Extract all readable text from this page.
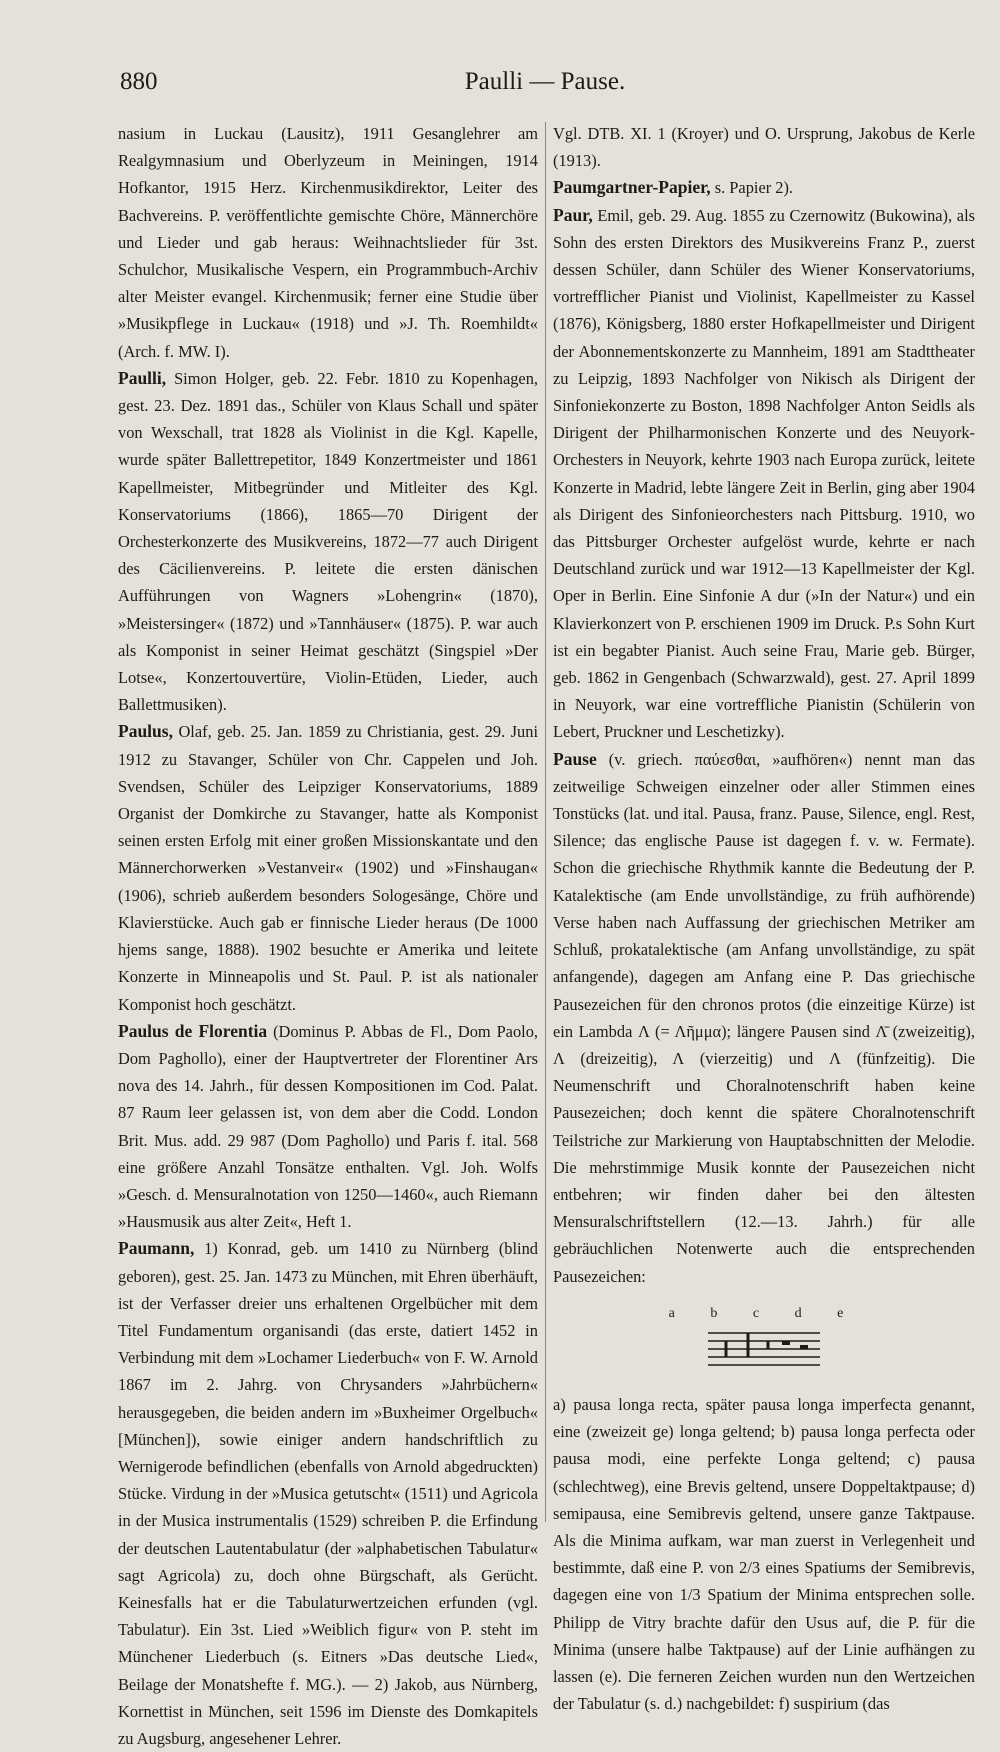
880	Paulli — Pause.

nasium in Luckau (Lausitz), 1911 Gesanglehrer am Realgymnasium und Oberlyzeum in Meiningen, 1914 Hofkantor, 1915 Herz. Kirchenmusikdirektor, Leiter des Bachvereins. P. veröffentlichte gemischte Chöre, Männerchöre und Lieder und gab heraus: Weihnachtslieder für 3st. Schulchor, Musikalische Vespern, ein Programmbuch-Archiv alter Meister evangel. Kirchenmusik; ferner eine Studie über »Musikpflege in Luckau« (1918) und »J. Th. Roemhildt« (Arch. f. MW. I).

Paulli, Simon Holger, geb. 22. Febr. 1810 zu Kopenhagen, gest. 23. Dez. 1891 das., Schüler von Klaus Schall und später von Wexschall, trat 1828 als Violinist in die Kgl. Kapelle, wurde später Ballettrepetitor, 1849 Konzertmeister und 1861 Kapellmeister, Mitbegründer und Mitleiter des Kgl. Konservatoriums (1866), 1865—70 Dirigent der Orchesterkonzerte des Musikvereins, 1872—77 auch Dirigent des Cäcilienvereins. P. leitete die ersten dänischen Aufführungen von Wagners »Lohengrin« (1870), »Meistersinger« (1872) und »Tannhäuser« (1875). P. war auch als Komponist in seiner Heimat geschätzt (Singspiel »Der Lotse«, Konzertouvertüre, Violin-Etüden, Lieder, auch Ballettmusiken).

Paulus, Olaf, geb. 25. Jan. 1859 zu Christiania, gest. 29. Juni 1912 zu Stavanger, Schüler von Chr. Cappelen und Joh. Svendsen, Schüler des Leipziger Konservatoriums, 1889 Organist der Domkirche zu Stavanger, hatte als Komponist seinen ersten Erfolg mit einer großen Missionskantate und den Männerchorwerken »Vestanveir« (1902) und »Finshaugan« (1906), schrieb außerdem besonders Sologesänge, Chöre und Klavierstücke. Auch gab er finnische Lieder heraus (De 1000 hjems sange, 1888). 1902 besuchte er Amerika und leitete Konzerte in Minneapolis und St. Paul. P. ist als nationaler Komponist hoch geschätzt.

Paulus de Florentia (Dominus P. Abbas de Fl., Dom Paolo, Dom Paghollo), einer der Hauptvertreter der Florentiner Ars nova des 14. Jahrh., für dessen Kompositionen im Cod. Palat. 87 Raum leer gelassen ist, von dem aber die Codd. London Brit. Mus. add. 29 987 (Dom Paghollo) und Paris f. ital. 568 eine größere Anzahl Tonsätze enthalten. Vgl. Joh. Wolfs »Gesch. d. Mensuralnotation von 1250—1460«, auch Riemann »Hausmusik aus alter Zeit«, Heft 1.

Paumann, 1) Konrad, geb. um 1410 zu Nürnberg (blind geboren), gest. 25. Jan. 1473 zu München, mit Ehren überhäuft, ist der Verfasser dreier uns erhaltenen Orgelbücher mit dem Titel Fundamentum organisandi (das erste, datiert 1452 in Verbindung mit dem »Lochamer Liederbuch« von F. W. Arnold 1867 im 2. Jahrg. von Chrysanders »Jahrbüchern« herausgegeben, die beiden andern im »Buxheimer Orgelbuch« [München]), sowie einiger andern handschriftlich zu Wernigerode befindlichen (ebenfalls von Arnold abgedruckten) Stücke. Virdung in der »Musica getutscht« (1511) und Agricola in der Musica instrumentalis (1529) schreiben P. die Erfindung der deutschen Lautentabulatur (der »alphabetischen Tabulatur« sagt Agricola) zu, doch ohne Bürgschaft, als Gerücht. Keinesfalls hat er die Tabulaturwertzeichen erfunden (vgl. Tabulatur). Ein 3st. Lied »Weiblich figur« von P. steht im Münchener Liederbuch (s. Eitners »Das deutsche Lied«, Beilage der Monatshefte f. MG.). — 2) Jakob, aus Nürnberg, Kornettist in München, seit 1596 im Dienste des Domkapitels zu Augsburg, angesehener Lehrer.

Vgl. DTB. XI. 1 (Kroyer) und O. Ursprung, Jakobus de Kerle (1913).

Paumgartner-Papier, s. Papier 2).

Paur, Emil, geb. 29. Aug. 1855 zu Czernowitz (Bukowina), als Sohn des ersten Direktors des Musikvereins Franz P., zuerst dessen Schüler, dann Schüler des Wiener Konservatoriums, vortrefflicher Pianist und Violinist, Kapellmeister zu Kassel (1876), Königsberg, 1880 erster Hofkapellmeister und Dirigent der Abonnementskonzerte zu Mannheim, 1891 am Stadttheater zu Leipzig, 1893 Nachfolger von Nikisch als Dirigent der Sinfoniekonzerte zu Boston, 1898 Nachfolger Anton Seidls als Dirigent der Philharmonischen Konzerte und des Neuyork-Orchesters in Neuyork, kehrte 1903 nach Europa zurück, leitete Konzerte in Madrid, lebte längere Zeit in Berlin, ging aber 1904 als Dirigent des Sinfonieorchesters nach Pittsburg. 1910, wo das Pittsburger Orchester aufgelöst wurde, kehrte er nach Deutschland zurück und war 1912—13 Kapellmeister der Kgl. Oper in Berlin. Eine Sinfonie A dur (»In der Natur«) und ein Klavierkonzert von P. erschienen 1909 im Druck. P.s Sohn Kurt ist ein begabter Pianist. Auch seine Frau, Marie geb. Bürger, geb. 1862 in Gengenbach (Schwarzwald), gest. 27. April 1899 in Neuyork, war eine vortreffliche Pianistin (Schülerin von Lebert, Pruckner und Leschetizky).

Pause (v. griech. παύεσθαι, »aufhören«) nennt man das zeitweilige Schweigen einzelner oder aller Stimmen eines Tonstücks (lat. und ital. Pausa, franz. Pause, Silence, engl. Rest, Silence; das englische Pause ist dagegen f. v. w. Fermate). Schon die griechische Rhythmik kannte die Bedeutung der P. Katalektische (am Ende unvollständige, zu früh aufhörende) Verse haben nach Auffassung der griechischen Metriker am Schluß, prokatalektische (am Anfang unvollständige, zu spät anfangende), dagegen am Anfang eine P. Das griechische Pausezeichen für den chronos protos (die einzeitige Kürze) ist ein Lambda Λ (= Λῆμμα); längere Pausen sind Λ̄ (zweizeitig), Λ (dreizeitig), Λ (vierzeitig) und Λ (fünfzeitig). Die Neumenschrift und Choralnotenschrift haben keine Pausezeichen; doch kennt die spätere Choralnotenschrift Teilstriche zur Markierung von Hauptabschnitten der Melodie. Die mehrstimmige Musik konnte der Pausezeichen nicht entbehren; wir finden daher bei den ältesten Mensuralschriftstellern (12.—13. Jahrh.) für alle gebräuchlichen Notenwerte auch die entsprechenden Pausezeichen:

a b c d e

a) pausa longa recta, später pausa longa imperfecta genannt, eine (zweizeit ge) longa geltend; b) pausa longa perfecta oder pausa modi, eine perfekte Longa geltend; c) pausa (schlechtweg), eine Brevis geltend, unsere Doppeltaktpause; d) semipausa, eine Semibrevis geltend, unsere ganze Taktpause. Als die Minima aufkam, war man zuerst in Verlegenheit und bestimmte, daß eine P. von 2/3 eines Spatiums der Semibrevis, dagegen eine von 1/3 Spatium der Minima entsprechen solle. Philipp de Vitry brachte dafür den Usus auf, die P. für die Minima (unsere halbe Taktpause) auf der Linie aufhängen zu lassen (e). Die ferneren Zeichen wurden nun den Wertzeichen der Tabulatur (s. d.) nachgebildet: f) suspirium (das
